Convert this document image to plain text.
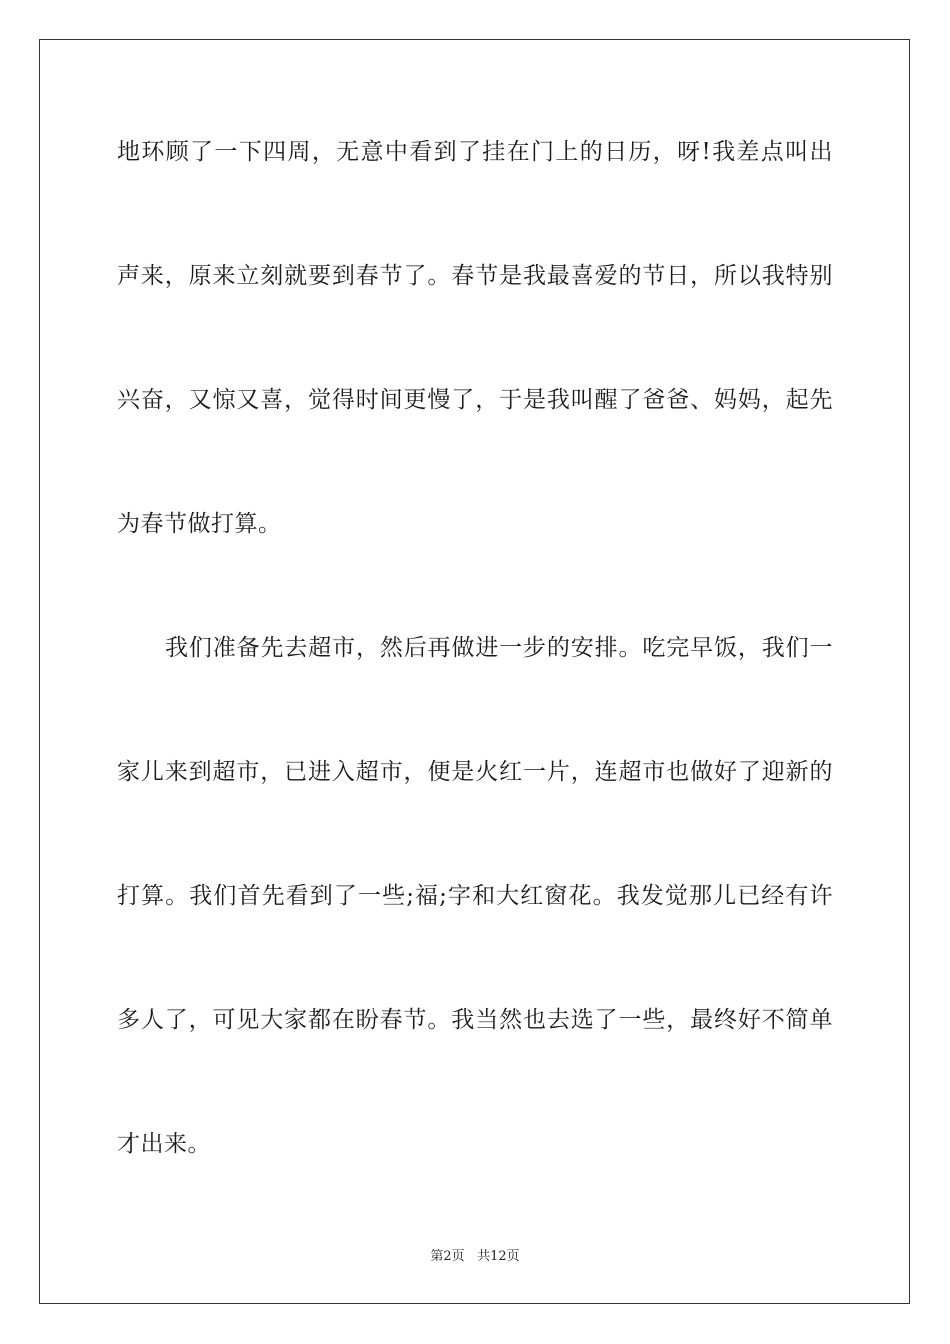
地环顾了一下四周，无意中看到了挂在门上的日历，呀!我差点叫出
声来，原来立刻就要到春节了。春节是我最喜爱的节日，所以我特别
兴奋，又惊又喜，觉得时间更慢了，于是我叫醒了爸爸、妈妈，起先
为春节做打算。
我们准备先去超市，然后再做进一步的安排。吃完早饭，我们一
家儿来到超市，已进入超市，便是火红一片，连超市也做好了迎新的
打算。我们首先看到了一些;福;字和大红窗花。我发觉那儿已经有许
多人了，可见大家都在盼春节。我当然也去选了一些，最终好不简单
才出来。
第2页 共12页
